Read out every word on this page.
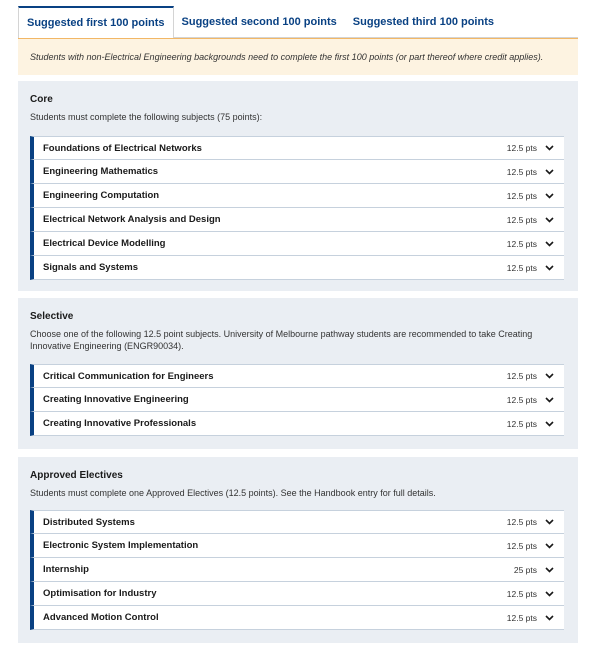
Suggested first 100 points	Suggested second 100 points	Suggested third 100 points
Students with non-Electrical Engineering backgrounds need to complete the first 100 points (or part thereof where credit applies).
Core
Students must complete the following subjects (75 points):
Foundations of Electrical Networks	12.5 pts
Engineering Mathematics	12.5 pts
Engineering Computation	12.5 pts
Electrical Network Analysis and Design	12.5 pts
Electrical Device Modelling	12.5 pts
Signals and Systems	12.5 pts
Selective
Choose one of the following 12.5 point subjects. University of Melbourne pathway students are recommended to take Creating Innovative Engineering (ENGR90034).
Critical Communication for Engineers	12.5 pts
Creating Innovative Engineering	12.5 pts
Creating Innovative Professionals	12.5 pts
Approved Electives
Students must complete one Approved Electives (12.5 points). See the Handbook entry for full details.
Distributed Systems	12.5 pts
Electronic System Implementation	12.5 pts
Internship	25 pts
Optimisation for Industry	12.5 pts
Advanced Motion Control	12.5 pts
